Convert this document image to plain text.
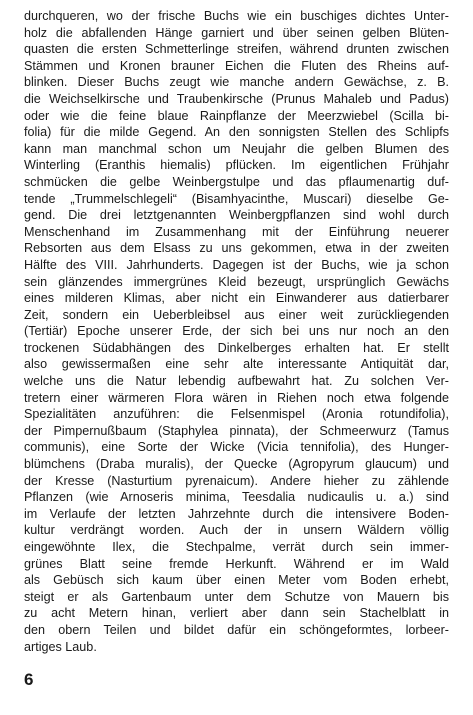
durchqueren, wo der frische Buchs wie ein buschiges dichtes Unter-
holz die abfallenden Hänge garniert und über seinen gelben Blüten-
quasten die ersten Schmetterlinge streifen, während drunten zwischen
Stämmen und Kronen brauner Eichen die Fluten des Rheins auf-
blinken. Dieser Buchs zeugt wie manche andern Gewächse, z. B.
die Weichselkirsche und Traubenkirsche (Prunus Mahaleb und Padus)
oder wie die feine blaue Rainpflanze der Meerzwiebel (Scilla bi-
folia) für die milde Gegend. An den sonnigsten Stellen des Schlipfs
kann man manchmal schon um Neujahr die gelben Blumen des
Winterling (Eranthis hiemalis) pflücken. Im eigentlichen Frühjahr
schmücken die gelbe Weinbergstulpe und das pflaumenartig duf-
tende „Trummelschlegeli“ (Bisamhyacinthe, Muscari) dieselbe Ge-
gend. Die drei letztgenannten Weinbergpflanzen sind wohl durch
Menschenhand im Zusammenhang mit der Einführung neuerer
Rebsorten aus dem Elsass zu uns gekommen, etwa in der zweiten
Hälfte des VIII. Jahrhunderts. Dagegen ist der Buchs, wie ja schon
sein glänzendes immergrünes Kleid bezeugt, ursprünglich Gewächs
eines milderen Klimas, aber nicht ein Einwanderer aus datierbarer
Zeit, sondern ein Ueberbleibsel aus einer weit zurückliegenden
(Tertiär) Epoche unserer Erde, der sich bei uns nur noch an den
trockenen Südabhängen des Dinkelberges erhalten hat. Er stellt
also gewissermaßen eine sehr alte interessante Antiquität dar,
welche uns die Natur lebendig aufbewahrt hat. Zu solchen Ver-
tretern einer wärmeren Flora wären in Riehen noch etwa folgende
Spezialitäten anzuführen: die Felsenmispel (Aronia rotundifolia),
der Pimpernußbaum (Staphylea pinnata), der Schmeerwurz (Tamus
communis), eine Sorte der Wicke (Vicia tennifolia), des Hunger-
blümchens (Draba muralis), der Quecke (Agropyrum glaucum) und
der Kresse (Nasturtium pyrenaicum). Andere hieher zu zählende
Pflanzen (wie Arnoseris minima, Teesdalia nudicaulis u. a.) sind
im Verlaufe der letzten Jahrzehnte durch die intensivere Boden-
kultur verdrängt worden. Auch der in unsern Wäldern völlig
eingewöhnte Ilex, die Stechpalme, verrät durch sein immer-
grünes Blatt seine fremde Herkunft. Während er im Wald
als Gebüsch sich kaum über einen Meter vom Boden erhebt,
steigt er als Gartenbaum unter dem Schutze von Mauern bis
zu acht Metern hinan, verliert aber dann sein Stachelblatt in
den obern Teilen und bildet dafür ein schöngeformtes, lorbeer-
artiges Laub.
6
